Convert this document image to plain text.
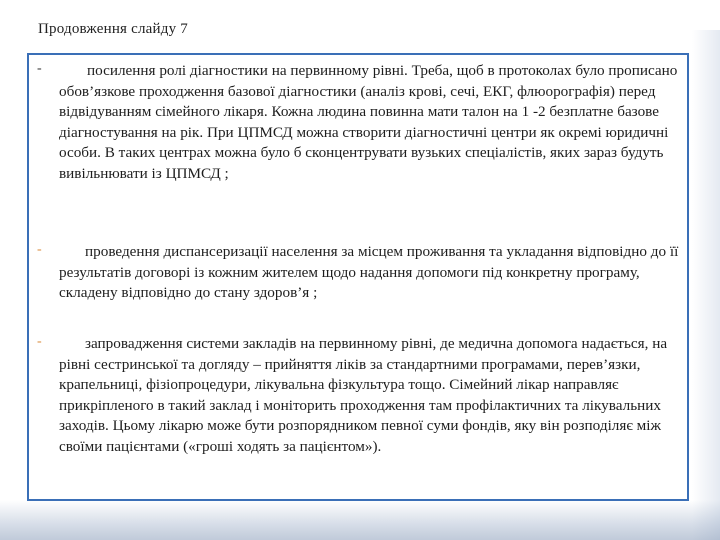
Продовження слайду 7
-	посилення ролі діагностики на первинному рівні. Треба, щоб в протоколах було прописано обов’язкове проходження базової діагностики (аналіз крові, сечі, ЕКГ, флюорографія) перед відвідуванням сімейного лікаря. Кожна людина повинна мати талон на 1 -2 безплатне базове діагностування на рік. При ЦПМСД можна створити діагностичні центри як окремі юридичні особи. В таких центрах можна було б сконцентрувати вузьких спеціалістів, яких зараз будуть вивільнювати із ЦПМСД ;
-	проведення диспансеризації населення за місцем проживання та укладання відповідно до її результатів договорі із кожним жителем щодо надання допомоги під конкретну програму, складену відповідно до стану здоров’я ;
-	запровадження системи закладів на первинному рівні, де медична допомога надається, на рівні сестринської та догляду – прийняття ліків за стандартними програмами, перев’язки, крапельниці, фізіопроцедури, лікувальна фізкультура тощо. Сімейний лікар направляє прикріпленого в такий заклад і моніторить проходження там профілактичних та лікувальних заходів. Цьому лікарю може бути розпорядником певної суми фондів, яку він розподіляє між своїми пацієнтами («гроші ходять за пацієнтом»).
